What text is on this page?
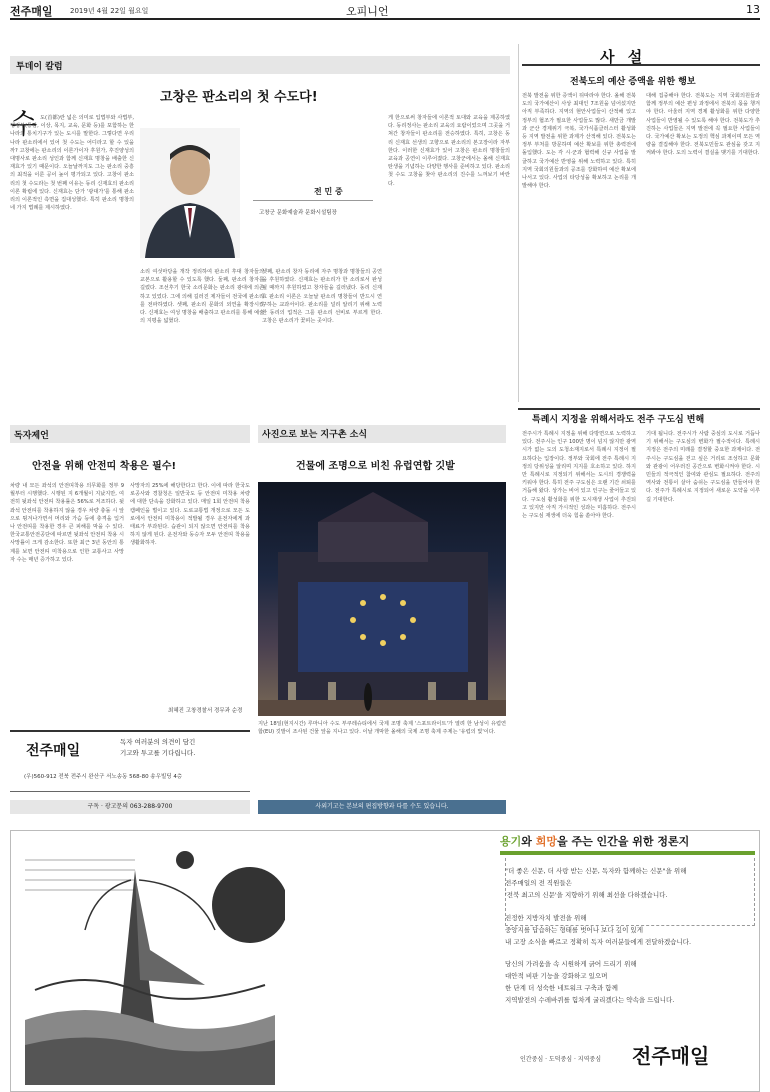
전주매일 2019년 4월 22일 월요일	오피니언	13
투데이 칼럼
고창은 판소리의 첫 수도다!
수 도(首都)란 넓은 의미로 입법부와 사법부, 행정부(통감, 이상, 목지, 교육, 문화 등)를 포함하는 한 나라의 통치기구가 있는 도시를 말한다. 그렇다면 우리나라 판소리에서 있어 첫 수도는 어디라고 할 수 있을까? 고창에는 판소리의 이론가이자 후원가, 후진양성의 대명사로 판소리 성인과 함께 신재효 명창을 배출한 신재효가 있기 때문이다. 오늘날까지도 그는 판소리 중흥의 최적을 이룬 공이 높이 평가되고 있다. 고창이 판소리의 첫 수도라는 첫 번째 이유는 동리 신재효의 판소리 이론 확립에 있다. 신재효는 단가 '광대가'를 통해 판소리의 이론적인 측면을 집대성했다. 특히 판소리 명창의 네 가지 법례를 제시하였다.
전 민 중
고창군 문화예술과 문화시설팀장
소리 여섯마당을 개작 정리하여 판소리 후대 창자들의 교본으로 활용할 수 있도록 했다. 둘째, 판소리 창자를 길렀다. 조선후기 한국 소리문화는 판소리 광대에 의존하고 있었다. 그에 의해 길러진 제자들이 전국에 판소리를 전파하였다. 셋째, 판소리 문화의 외연을 확장시켰다. 신재효는 여성 명창을 배출하고 판소리를 통해 예술의 지평을 넓혔다.
셋째, 판소리 창자 동리에 자주 명창과 명창들의 공연을 후원하였다. 신재효는 판소리가 한 소리로서 완성될 때까지 후원하였고 창자들을 길러냈다. 동리 신재효 판소리 이론은 오늘날 판소리 명창들이 반드시 연구하는 교과서이다. 판소리를 널리 알리기 위해 노력한 동리의 업적은 그를 판소리 선비로 부르게 한다. 고창은 판소리가 꽃피는 곳이다.
게 한으로써 창자들에 이론적 토대와 교육을 제공하였다. 동리정사는 판소리 교육의 요람이었으며 그곳을 거쳐간 창자들이 판소리를 전승하였다. 특히, 고창은 동리 신재효 선생의 고향으로 판소리의 본고장이라 자부한다. 이러한 신재효가 있어 고창은 판소리 명창들의 교육과 공연이 이루어졌다. 고창군에서는 올해 신재효 탄생을 기념하는 다양한 행사를 준비하고 있다. 판소리 첫 수도 고창을 찾아 판소리의 진수를 느껴보기 바란다.
사 설
전북도의 예산 증액을 위한 행보
전북 발전을 위한 증액이 뒤따라야 한다. 올해 전북도의 국가예산이 사상 최대인 7조원을 넘어섰지만 아직 부족하다. 지역의 현안사업들이 산적해 있고 정부의 협조가 필요한 사업들도 많다. 새만금 개발과 군산 경제위기 극복, 국가식품클러스터 활성화 등 지역 발전을 위한 과제가 산적해 있다. 전북도는 정부 부처를 방문하며 예산 확보를 위한 총력전에 돌입했다. 도는 각 시·군과 협력해 신규 사업을 발굴하고 국가예산 반영을 위해 노력하고 있다. 특히 지역 국회의원들과의 공조를 강화하여 예산 확보에 나서고 있다. 사업의 타당성을 확보하고 논리를 개발해야 한다.
대해 집중해야 한다. 전북도는 지역 국회의원들과 함께 정부의 예산 편성 과정에서 전북의 몫을 챙겨야 한다. 아울러 지역 경제 활성화를 위한 다양한 사업들이 반영될 수 있도록 해야 한다. 전북도가 추진하는 사업들은 지역 발전에 꼭 필요한 사업들이다. 국가예산 확보는 도정의 핵심 과제이며 모든 역량을 결집해야 한다. 전북도민들도 관심을 갖고 지켜봐야 한다. 도의 노력이 결실을 맺기를 기대한다.
특례시 지정을 위해서라도 전주 구도심 변해
전주시가 특례시 지정을 위해 다방면으로 노력하고 있다. 전주시는 인구 100만 명이 넘지 않지만 광역시가 없는 도의 도청소재지로서 특례시 지정이 필요하다는 입장이다. 정부와 국회에 전주 특례시 지정의 당위성을 알리며 지지를 호소하고 있다. 하지만 특례시로 지정되기 위해서는 도시의 경쟁력을 키워야 한다. 특히 전주 구도심은 오랜 기간 쇠퇴를 거듭해 왔다. 상가는 비어 있고 인구는 줄어들고 있다. 구도심 활성화를 위한 도시재생 사업이 추진되고 있지만 아직 가시적인 성과는 미흡하다. 전주시는 구도심 재생에 더욱 힘을 쏟아야 한다.
기대 됩니다. 전주시가 사람 중심의 도시로 거듭나기 위해서는 구도심의 변화가 필수적이다. 특례시 지정은 전주의 미래를 결정할 중요한 과제이다. 전주시는 구도심을 걷고 싶은 거리로 조성하고 문화와 관광이 어우러진 공간으로 변화시켜야 한다. 시민들의 적극적인 참여와 관심도 필요하다. 전주의 역사와 전통이 살아 숨쉬는 구도심을 만들어야 한다. 전주가 특례시로 지정되어 새로운 도약을 이루길 기대한다.
독자제언
안전을 위해 안전띠 착용은 필수!
차량 내 모든 좌석의 안전띠착용 의무화를 정부 9월부터 시행했다. 시행된 지 6개월이 지났지만, 여전히 뒷좌석 안전띠 착용률은 56%로 저조하다. 뒷좌석 안전띠를 착용하지 않을 경우 차량 충돌 시 앞으로 튕겨나가면서 머리와 가슴 등에 충격을 입거나 안전띠를 착용한 경우 큰 피해를 막을 수 있다. 한국교통안전공단에 따르면 뒷좌석 안전띠 착용 시 사망률이 크게 감소한다. 또한 최근 3년 동안의 통계를 보면 안전띠 미착용으로 인한 교통사고 사망자 수는 매년 증가하고 있다.
사망자의 25%에 해당한다고 한다. 이에 따라 한국도로공사와 경찰청은 일반국도 등 안전띠 미착용 차량에 대한 단속을 강화하고 있다. 매일 1회 안전띠 착용 캠페인을 벌이고 있다. 도로교통법 개정으로 모든 도로에서 안전띠 미착용이 적발될 경우 운전자에게 과태료가 부과된다. 습관이 되지 않으면 안전띠를 착용하지 않게 된다. 운전자와 동승자 모두 안전띠 착용을 생활화하자.
최혜진 고창경찰서 경무과 순경
전주매일
독자 여러분의 의견이 담긴
기고와 투고를 기다립니다.
(우)560-912 전북 전주시 완산구 서노송동 568-80 송우빌딩 4층
구독 · 광고문의 063-288-9700
사진으로 보는 지구촌 소식
건물에 조명으로 비친 유럽연합 깃발
지난 18일(현지시간) 루마니아 수도 부쿠레슈티에서 국제 조명 축제 '스포트라이트'가 열려 한 남성이 유럽연합(EU) 깃발이 조사된 건물 앞을 지나고 있다. 이날 개막한 올해의 국제 조명 축제 주제는 '유럽의 빛'이다.
사외기고는 본보의 편집방향과 다를 수도 있습니다.
용기와 희망을 주는 인간을 위한 정론지
"더 좋은 신문, 더 사랑 받는 신문, 독자와 함께하는 신문"을 위해
전주매일의 전 직원들은
'전북 최고의 신문'을 지향하기 위해 최선을 다하겠습니다.
진정한 지방자치 발전을 위해
중앙지를 답습하는 형태를 벗어나 보다 깊이 있게
내 고장 소식을 빠르고 정확히 독자 여러분들에게 전달하겠습니다.
당신의 가려움을 속 시원하게 긁어 드리기 위해
대안적 비판 기능을 강화하고 있으며
한 단계 더 성숙한 네트워크 구축과 함께
지역발전의 수레바퀴를 힘차게 굴리겠다는 약속을 드립니다.
인간중심 · 도덕중심 · 지역중심 전주매일
